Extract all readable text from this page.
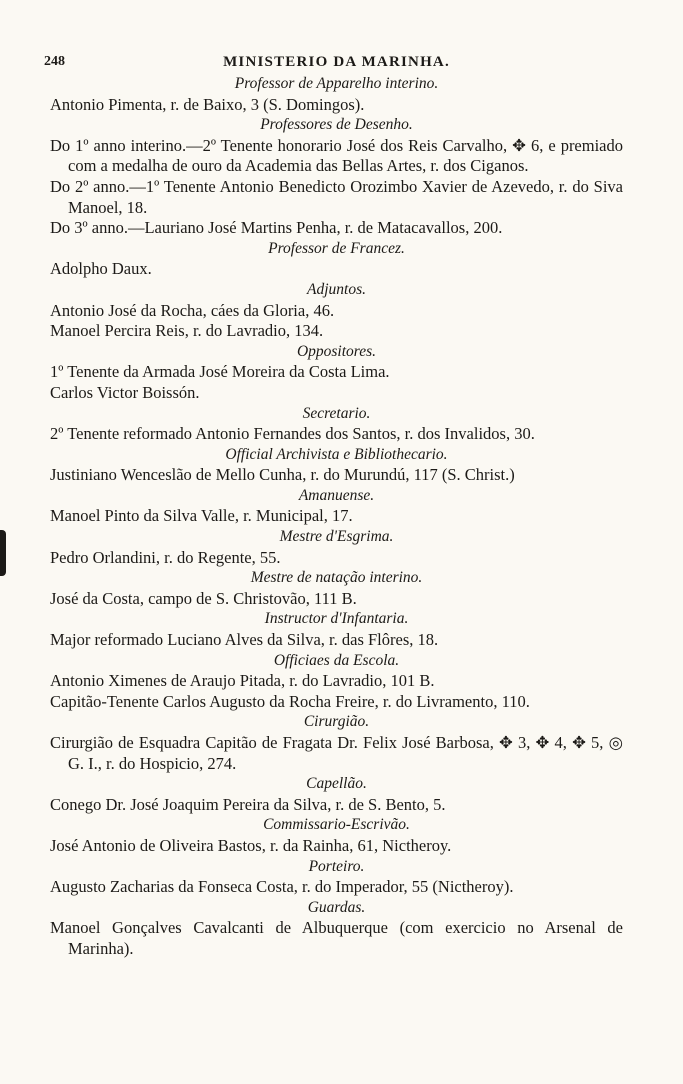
248	MINISTERIO DA MARINHA.

Professor de Apparelho interino.

Antonio Pimenta, r. de Baixo, 3 (S. Domingos).

Professores de Desenho.

Do 1º anno interino.—2º Tenente honorario José dos Reis Carvalho, ✥ 6, e premiado com a medalha de ouro da Academia das Bellas Artes, r. dos Ciganos.

Do 2º anno.—1º Tenente Antonio Benedicto Orozimbo Xavier de Azevedo, r. do Siva Manoel, 18.

Do 3º anno.—Lauriano José Martins Penha, r. de Matacavallos, 200.

Professor de Francez.

Adolpho Daux.

Adjuntos.

Antonio José da Rocha, cáes da Gloria, 46.

Manoel Percira Reis, r. do Lavradio, 134.

Oppositores.

1º Tenente da Armada José Moreira da Costa Lima.

Carlos Victor Boissón.

Secretario.

2º Tenente reformado Antonio Fernandes dos Santos, r. dos Invalidos, 30.

Official Archivista e Bibliothecario.

Justiniano Wenceslão de Mello Cunha, r. do Murundú, 117 (S. Christ.)

Amanuense.

Manoel Pinto da Silva Valle, r. Municipal, 17.

Mestre d'Esgrima.

Pedro Orlandini, r. do Regente, 55.

Mestre de natação interino.

José da Costa, campo de S. Christovão, 111 B.

Instructor d'Infantaria.

Major reformado Luciano Alves da Silva, r. das Flôres, 18.

Officiaes da Escola.

Antonio Ximenes de Araujo Pitada, r. do Lavradio, 101 B.

Capitão-Tenente Carlos Augusto da Rocha Freire, r. do Livramento, 110.

Cirurgião.

Cirurgião de Esquadra Capitão de Fragata Dr. Felix José Barbosa, ✥ 3, ✥ 4, ✥ 5, ◎ G. I., r. do Hospicio, 274.

Capellão.

Conego Dr. José Joaquim Pereira da Silva, r. de S. Bento, 5.

Commissario-Escrivão.

José Antonio de Oliveira Bastos, r. da Rainha, 61, Nictheroy.

Porteiro.

Augusto Zacharias da Fonseca Costa, r. do Imperador, 55 (Nictheroy).

Guardas.

Manoel Gonçalves Cavalcanti de Albuquerque (com exercicio no Arsenal de Marinha).
